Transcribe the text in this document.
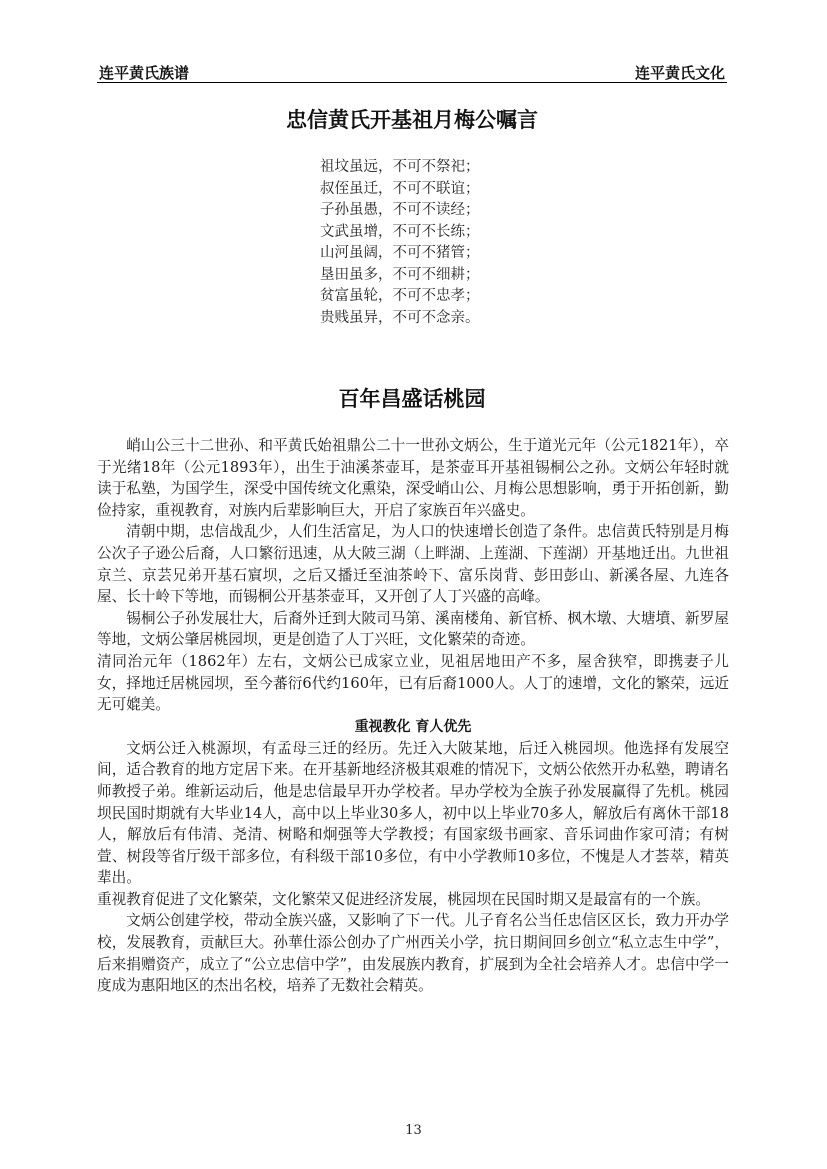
连平黄氏族谱	连平黄氏文化
忠信黄氏开基祖月梅公嘱言
祖坟虽远，不可不祭祀；
叔侄虽迁，不可不联谊；
子孙虽愚，不可不读经；
文武虽增，不可不长练；
山河虽阔，不可不猪管；
垦田虽多，不可不细耕；
贫富虽轮，不可不忠孝；
贵贱虽异，不可不念亲。
百年昌盛话桃园

峭山公三十二世孙、和平黄氏始祖鼎公二十一世孙文炳公，生于道光元年（公元1821年），卒于光绪18年（公元1893年），出生于油溪茶壶耳，是茶壶耳开基祖锡桐公之孙。文炳公年轻时就读于私塾，为国学生，深受中国传统文化熏染，深受峭山公、月梅公思想影响，勇于开拓创新，勤俭持家，重视教育，对族内后辈影响巨大，开启了家族百年兴盛史。

清朝中期，忠信战乱少，人们生活富足，为人口的快速增长创造了条件。忠信黄氏特别是月梅公次子子逊公后裔，人口繁衍迅速，从大陂三湖（上畔湖、上莲湖、下莲湖）开基地迁出。九世祖京兰、京芸兄弟开基石賔坝，之后又播迁至油茶岭下、富乐岗背、彭田彭山、新溪各屋、九连各屋、长十岭下等地，而锡桐公开基茶壶耳，又开创了人丁兴盛的高峰。

锡桐公子孙发展壮大，后裔外迁到大陂司马第、溪南楼角、新官桥、枫木墩、大塘墳、新罗屋等地，文炳公肇居桃园坝，更是创造了人丁兴旺，文化繁荣的奇迹。

清同治元年（1862年）左右，文炳公已成家立业，见祖居地田产不多，屋舍狭窄，即携妻子儿女，择地迁居桃园坝，至今蕃衍6代约160年，已有后裔1000人。人丁的速增，文化的繁荣，远近无可媲美。

重视教化 育人优先

文炳公迁入桃源坝，有孟母三迁的经历。先迁入大陂某地，后迁入桃园坝。他选择有发展空间，适合教育的地方定居下来。在开基新地经济极其艰难的情况下，文炳公依然开办私塾，聘请名师教授子弟。维新运动后，他是忠信最早开办学校者。早办学校为全族子孙发展赢得了先机。桃园坝民国时期就有大毕业14人，高中以上毕业30多人，初中以上毕业70多人，解放后有离休干部18人，解放后有伟清、尧清、树略和炯强等大学教授；有国家级书画家、音乐词曲作家可清；有树萱、树段等省厅级干部多位，有科级干部10多位，有中小学教师10多位，不愧是人才荟萃，精英辈出。

重视教育促进了文化繁荣，文化繁荣又促进经济发展，桃园坝在民国时期又是最富有的一个族。

文炳公创建学校，带动全族兴盛，又影响了下一代。儿子育名公当任忠信区区长，致力开办学校，发展教育，贡献巨大。孙華仕添公创办了广州西关小学，抗日期间回乡创立“私立志生中学”，后来捐赠资产，成立了“公立忠信中学”，由发展族内教育，扩展到为全社会培养人才。忠信中学一度成为惠阳地区的杰出名校，培养了无数社会精英。

13
